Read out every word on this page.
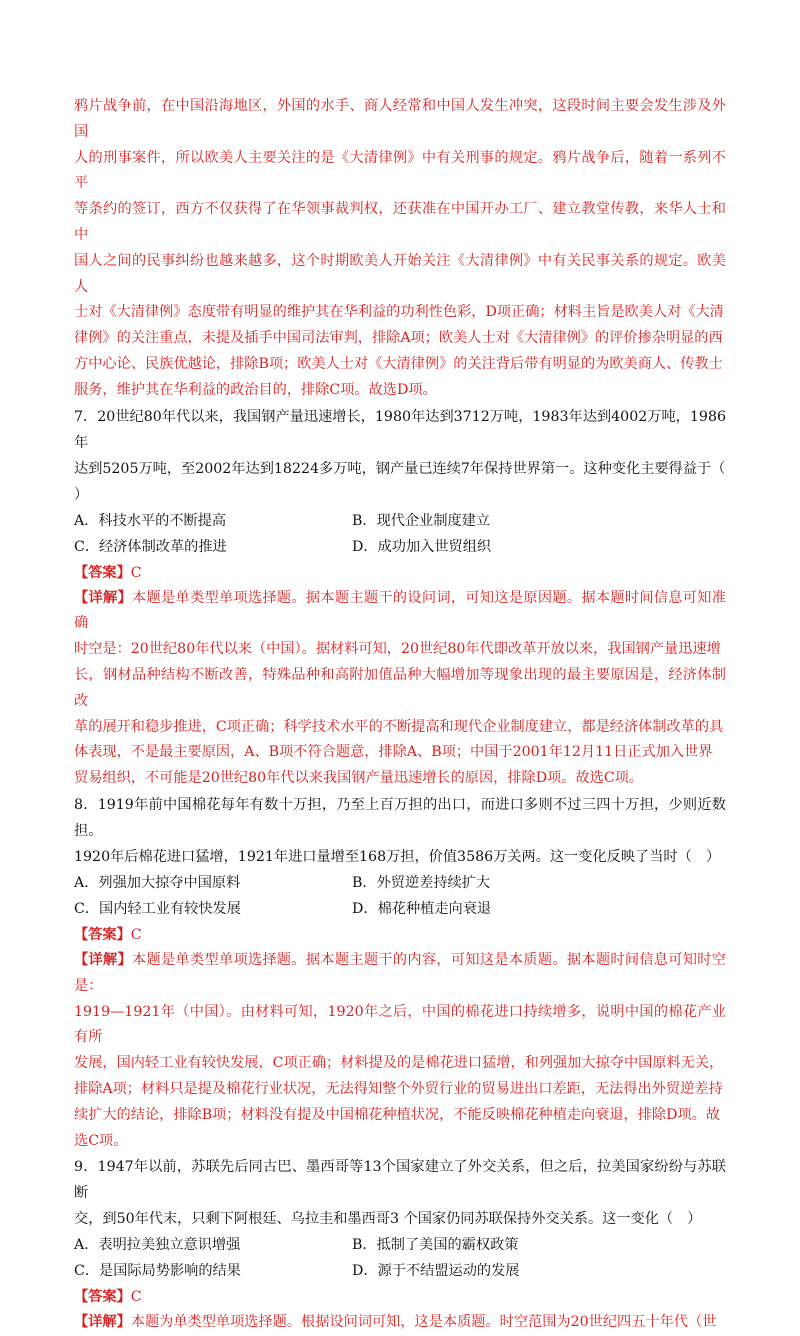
鸦片战争前，在中国沿海地区，外国的水手、商人经常和中国人发生冲突，这段时间主要会发生涉及外国

人的刑事案件，所以欧美人主要关注的是《大清律例》中有关刑事的规定。鸦片战争后，随着一系列不平

等条约的签订，西方不仅获得了在华领事裁判权，还获准在中国开办工厂、建立教堂传教，来华人士和中

国人之间的民事纠纷也越来越多，这个时期欧美人开始关注《大清律例》中有关民事关系的规定。欧美人

士对《大清律例》态度带有明显的维护其在华利益的功利性色彩，D项正确；材料主旨是欧美人对《大清

律例》的关注重点，未提及插手中国司法审判，排除A项；欧美人士对《大清律例》的评价掺杂明显的西

方中心论、民族优越论，排除B项；欧美人士对《大清律例》的关注背后带有明显的为欧美商人、传教士

服务，维护其在华利益的政治目的，排除C项。故选D项。

7．20世纪80年代以来，我国钢产量迅速增长，1980年达到3712万吨，1983年达到4002万吨，1986年

达到5205万吨，至2002年达到18224多万吨，钢产量已连续7年保持世界第一。这种变化主要得益于（

）

A．科技水平的不断提高	B．现代企业制度建立
C．经济体制改革的推进	D．成功加入世贸组织

【答案】C

【详解】本题是单类型单项选择题。据本题主题干的设问词，可知这是原因题。据本题时间信息可知准确

时空是：20世纪80年代以来（中国）。据材料可知，20世纪80年代即改革开放以来，我国钢产量迅速增

长，钢材品种结构不断改善，特殊品种和高附加值品种大幅增加等现象出现的最主要原因是，经济体制改

革的展开和稳步推进，C项正确；科学技术水平的不断提高和现代企业制度建立，都是经济体制改革的具

体表现，不是最主要原因，A、B项不符合题意，排除A、B项；中国于2001年12月11日正式加入世界

贸易组织，不可能是20世纪80年代以来我国钢产量迅速增长的原因，排除D项。故选C项。

8．1919年前中国棉花每年有数十万担，乃至上百万担的出口，而进口多则不过三四十万担，少则近数担。

1920年后棉花进口猛增，1921年进口量增至168万担，价值3586万关两。这一变化反映了当时（　）

A．列强加大掠夺中国原料	B．外贸逆差持续扩大
C．国内轻工业有较快发展	D．棉花种植走向衰退

【答案】C

【详解】本题是单类型单项选择题。据本题主题干的内容，可知这是本质题。据本题时间信息可知时空是：

1919—1921年（中国）。由材料可知，1920年之后，中国的棉花进口持续增多，说明中国的棉花产业有所

发展，国内轻工业有较快发展，C项正确；材料提及的是棉花进口猛增，和列强加大掠夺中国原料无关，

排除A项；材料只是提及棉花行业状况，无法得知整个外贸行业的贸易进出口差距，无法得出外贸逆差持

续扩大的结论，排除B项；材料没有提及中国棉花种植状况，不能反映棉花种植走向衰退，排除D项。故

选C项。

9．1947年以前，苏联先后同古巴、墨西哥等13个国家建立了外交关系，但之后，拉美国家纷纷与苏联断

交，到50年代末，只剩下阿根廷、乌拉圭和墨西哥3 个国家仍同苏联保持外交关系。这一变化（　）

A．表明拉美独立意识增强	B．抵制了美国的霸权政策
C．是国际局势影响的结果	D．源于不结盟运动的发展

【答案】C

【详解】本题为单类型单项选择题。根据设问词可知，这是本质题。时空范围为20世纪四五十年代（世
